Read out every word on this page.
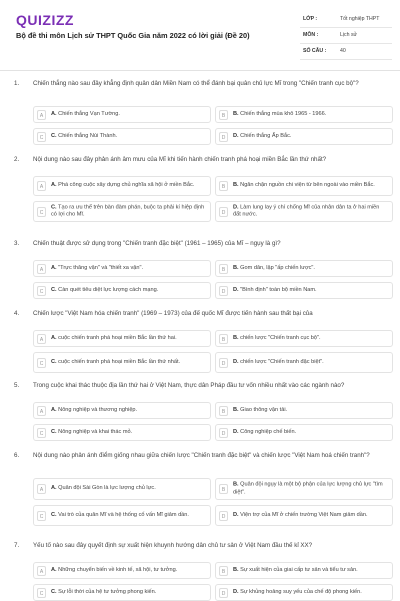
QUIZIZZ
Bộ đề thi môn Lịch sử THPT Quốc Gia năm 2022 có lời giải (Đề 20)
LỚP :	Tốt nghiệp THPT
MÔN :	Lịch sử
SỐ CÂU :	40
1. Chiến thắng nào sau đây khẳng định quân dân Miền Nam có thể đánh bại quân chủ lực Mĩ trong "Chiến tranh cục bộ"?
A	A. Chiến thắng Vạn Tường.	B	B. Chiến thắng mùa khô 1965 - 1966.
C	C. Chiến thắng Núi Thành.	D	D. Chiến thắng Ấp Bắc.
2. Nội dung nào sau đây phản ánh âm mưu của Mĩ khi tiến hành chiến tranh phá hoại miền Bắc lần thứ nhất?
A	A. Phá công cuộc xây dựng chủ nghĩa xã hội ở miền Bắc.	B	B. Ngăn chặn nguồn chi viện từ bên ngoài vào miền Bắc.
C
C. Tạo ra ưu thế trên bàn đàm phán, buộc ta phải kí hiệp định có lợi cho Mĩ.	D
D. Làm lung lay ý chí chống Mĩ của nhân dân ta ở hai miền đất nước.
3. Chiến thuật được sử dụng trong "Chiến tranh đặc biệt" (1961 – 1965) của Mĩ – ngụy là gì?
A	A. "Trực thăng vận" và "thiết xa vận".	B	B. Gom dân, lập "ấp chiến lược".
C	C. Càn quét tiêu diệt lực lượng cách mạng.	D	D. "Bình định" toàn bộ miền Nam.
4. Chiến lược "Việt Nam hóa chiến tranh" (1969 – 1973) của đế quốc Mĩ được tiến hành sau thất bại của
A	A. cuộc chiến tranh phá hoại miền Bắc lần thứ hai.	B	B. chiến lược "Chiến tranh cục bộ".
C	C. cuộc chiến tranh phá hoại miền Bắc lần thứ nhất.	D	D. chiến lược "Chiến tranh đặc biệt".
5. Trong cuộc khai thác thuộc địa lần thứ hai ở Việt Nam, thực dân Pháp đầu tư vốn nhiều nhất vào các ngành nào?
A	A. Nông nghiệp và thương nghiệp.	B	B. Giao thông vận tải.
C	C. Nông nghiệp và khai thác mỏ.	D	D. Công nghiệp chế biến.
6. Nội dung nào phản ánh điểm giống nhau giữa chiến lược "Chiến tranh đặc biệt" và chiến lược "Việt Nam hoá chiến tranh"?
A	A. Quân đội Sài Gòn là lực lượng chủ lực.	B
B. Quân đội ngụy là một bộ phận của lực lượng chủ lực "tìm diệt".
C	C. Vai trò của quân Mĩ và hệ thống cố vấn Mĩ giảm dần.	D	D. Viện trợ của Mĩ ở chiến trường Việt Nam giảm dần.
7. Yếu tố nào sau đây quyết định sự xuất hiện khuynh hướng dân chủ tư sản ở Việt Nam đầu thế kỉ XX?
A	A. Những chuyển biến về kinh tế, xã hội, tư tưởng.	B	B. Sự xuất hiện của giai cấp tư sản và tiểu tư sản.
C	C. Sự lỗi thời của hệ tư tưởng phong kiến.	D	D. Sự khủng hoảng suy yếu của chế độ phong kiến.
